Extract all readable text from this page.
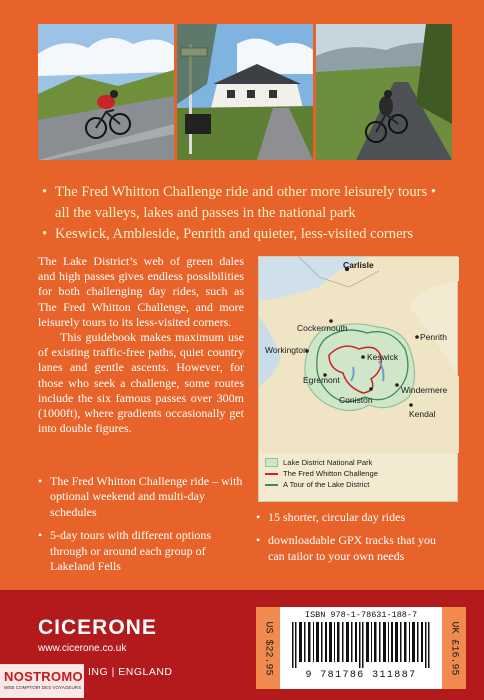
• The Fred Whitton Challenge ride and other more leisurely tours • all the valleys, lakes and passes in the national park
• Keswick, Ambleside, Penrith and quieter, less-visited corners

The Lake District’s web of green dales and high passes gives endless possibilities for both challenging day rides, such as The Fred Whitton Challenge, and more leisurely tours to its less-visited corners.

This guidebook makes maximum use of existing traffic-free paths, quiet country lanes and gentle ascents. However, for those who seek a challenge, some routes include the six famous passes over 300m (1000ft), where gradients occasionally get into double figures.

• The Fred Whitton Challenge ride – with optional weekend and multi-day schedules
• 5-day tours with different options through or around each group of Lakeland Fells
Carlisle
Cockermouth
Penrith
Workington
Keswick
Egremont
Coniston
Windermere
Kendal
Lake District National Park
The Fred Whitton Challenge
A Tour of the Lake District
• 15 shorter, circular day rides
• downloadable GPX tracks that you can tailor to your own needs
CICERONE
www.cicerone.co.uk
ING | ENGLAND	US $22.95
ISBN 978-1-78631-188-7
9 781786 311887
UK £16.95
NOSTROMO
WEB COMPTOIR DES VOYAGEURS
